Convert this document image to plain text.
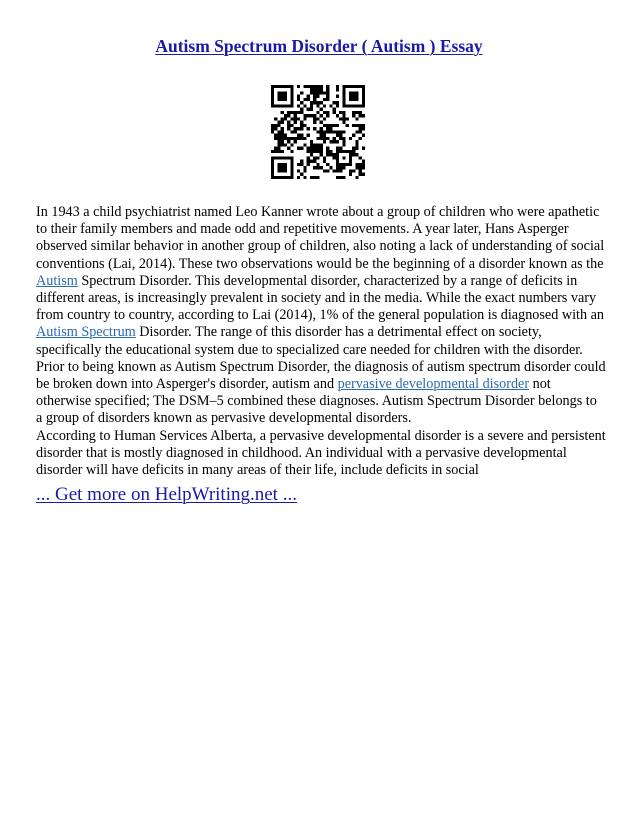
Autism Spectrum Disorder ( Autism ) Essay

In 1943 a child psychiatrist named Leo Kanner wrote about a group of children who were apathetic to their family members and made odd and repetitive movements. A year later, Hans Asperger observed similar behavior in another group of children, also noting a lack of understanding of social conventions (Lai, 2014). These two observations would be the beginning of a disorder known as the Autism Spectrum Disorder. This developmental disorder, characterized by a range of deficits in different areas, is increasingly prevalent in society and in the media. While the exact numbers vary from country to country, according to Lai (2014), 1% of the general population is diagnosed with an Autism Spectrum Disorder. The range of this disorder has a detrimental effect on society, specifically the educational system due to specialized care needed for children with the disorder.

Prior to being known as Autism Spectrum Disorder, the diagnosis of autism spectrum disorder could be broken down into Asperger's disorder, autism and pervasive developmental disorder not otherwise specified; The DSM–5 combined these diagnoses. Autism Spectrum Disorder belongs to a group of disorders known as pervasive developmental disorders.

According to Human Services Alberta, a pervasive developmental disorder is a severe and persistent disorder that is mostly diagnosed in childhood. An individual with a pervasive developmental disorder will have deficits in many areas of their life, include deficits in social

... Get more on HelpWriting.net ...
